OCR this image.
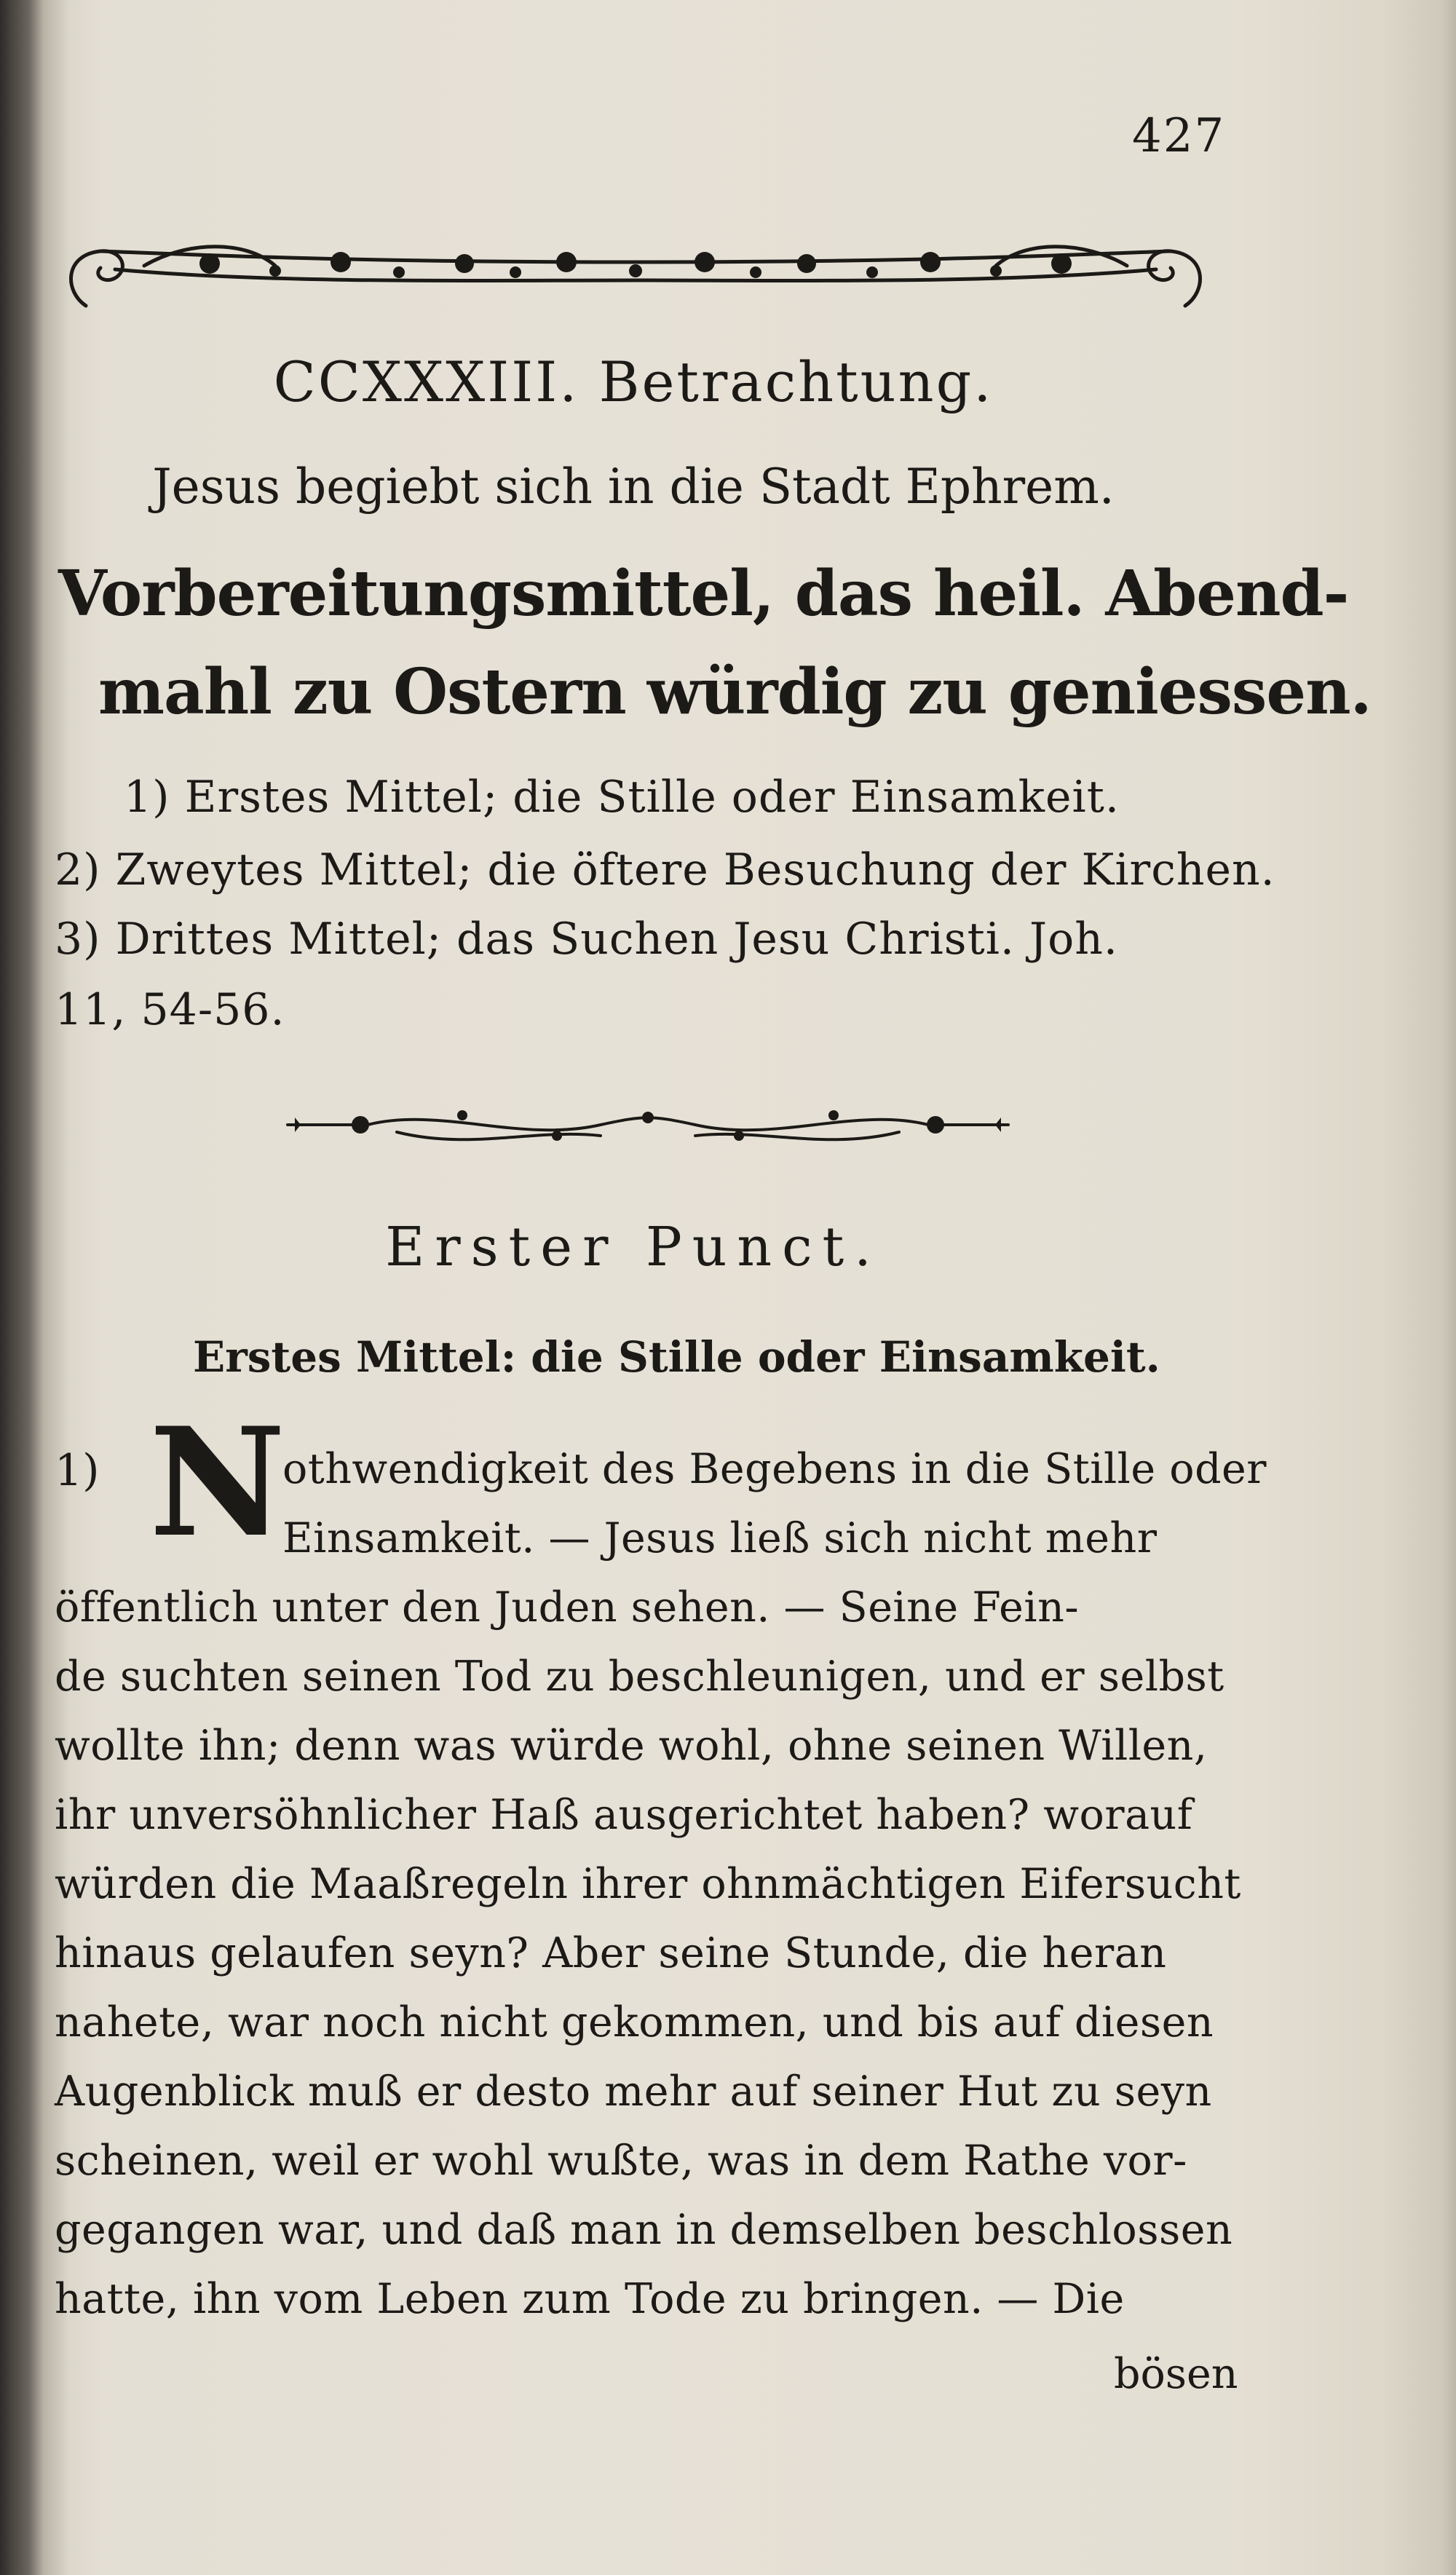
427
CCXXXIII. Betrachtung.
Jesus begiebt sich in die Stadt Ephrem.
Vorbereitungsmittel, das heil. Abend-
mahl zu Ostern würdig zu geniessen.
1) Erstes Mittel; die Stille oder Einsamkeit.
2) Zweytes Mittel; die öftere Besuchung der Kirchen.
3) Drittes Mittel; das Suchen Jesu Christi. Joh.
11, 54-56.
Erster Punct.
Erstes Mittel: die Stille oder Einsamkeit.
1) N
othwendigkeit des Begebens in die Stille oder
Einsamkeit. — Jesus ließ sich nicht mehr
öffentlich unter den Juden sehen. — Seine Fein-
de suchten seinen Tod zu beschleunigen, und er selbst
wollte ihn; denn was würde wohl, ohne seinen Willen,
ihr unversöhnlicher Haß ausgerichtet haben? worauf
würden die Maaßregeln ihrer ohnmächtigen Eifersucht
hinaus gelaufen seyn? Aber seine Stunde, die heran
nahete, war noch nicht gekommen, und bis auf diesen
Augenblick muß er desto mehr auf seiner Hut zu seyn
scheinen, weil er wohl wußte, was in dem Rathe vor-
gegangen war, und daß man in demselben beschlossen
hatte, ihn vom Leben zum Tode zu bringen. — Die
bösen
